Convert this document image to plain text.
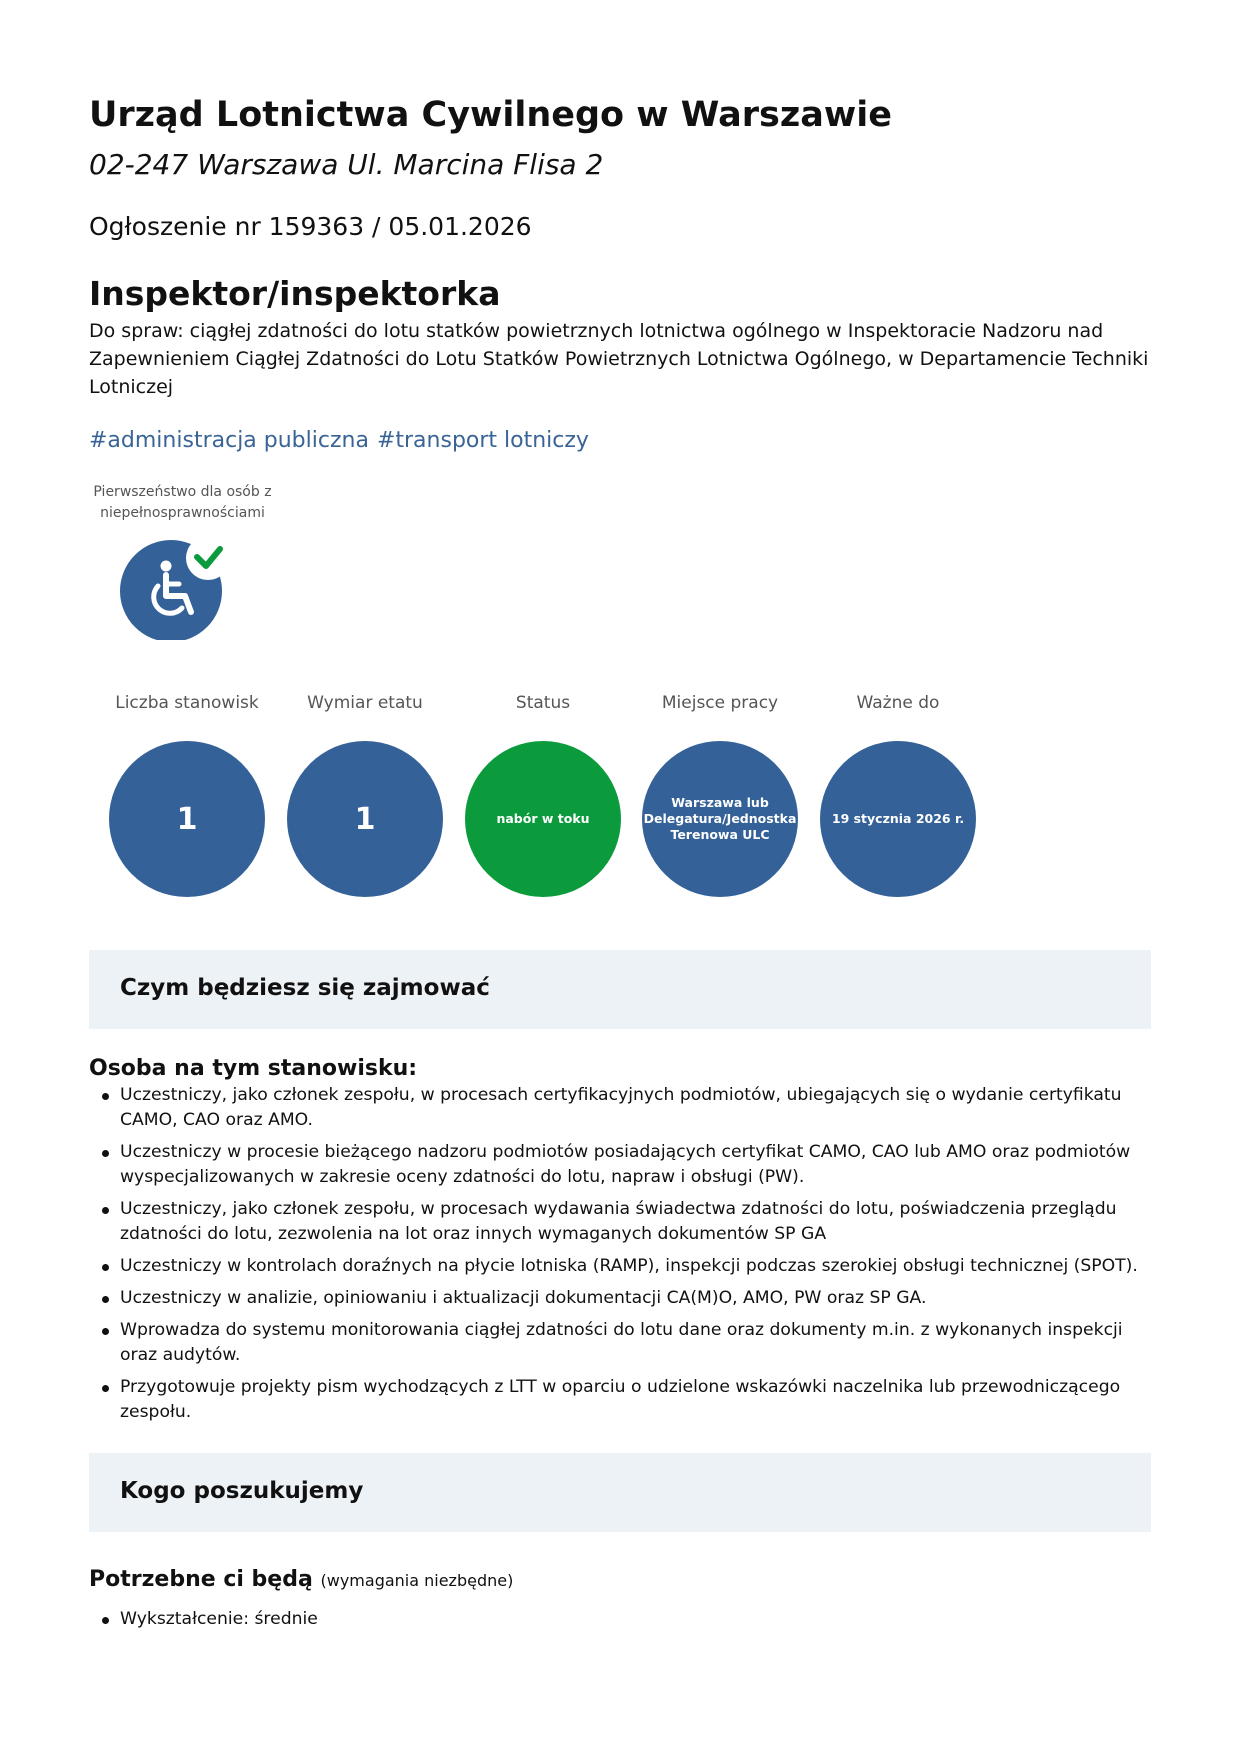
Urząd Lotnictwa Cywilnego w Warszawie
02-247 Warszawa Ul. Marcina Flisa 2
Ogłoszenie nr 159363 / 05.01.2026
Inspektor/inspektorka

Do spraw: ciągłej zdatności do lotu statków powietrznych lotnictwa ogólnego w Inspektoracie Nadzoru nad Zapewnieniem Ciągłej Zdatności do Lotu Statków Powietrznych Lotnictwa Ogólnego, w Departamencie Techniki Lotniczej

#administracja publiczna #transport lotniczy
Pierwszeństwo dla osób z niepełnosprawnościami
Liczba stanowisk
1
Wymiar etatu
1
Status
nabór w toku
Miejsce pracy
Warszawa lub Delegatura/Jednostka Terenowa ULC
Ważne do
19 stycznia 2026 r.
Czym będziesz się zajmować
Osoba na tym stanowisku:
Uczestniczy, jako członek zespołu, w procesach certyfikacyjnych podmiotów, ubiegających się o wydanie certyfikatu CAMO, CAO oraz AMO.
Uczestniczy w procesie bieżącego nadzoru podmiotów posiadających certyfikat CAMO, CAO lub AMO oraz podmiotów wyspecjalizowanych w zakresie oceny zdatności do lotu, napraw i obsługi (PW).
Uczestniczy, jako członek zespołu, w procesach wydawania świadectwa zdatności do lotu, poświadczenia przeglądu zdatności do lotu, zezwolenia na lot oraz innych wymaganych dokumentów SP GA
Uczestniczy w kontrolach doraźnych na płycie lotniska (RAMP), inspekcji podczas szerokiej obsługi technicznej (SPOT).
Uczestniczy w analizie, opiniowaniu i aktualizacji dokumentacji CA(M)O, AMO, PW oraz SP GA.
Wprowadza do systemu monitorowania ciągłej zdatności do lotu dane oraz dokumenty m.in. z wykonanych inspekcji oraz audytów.
Przygotowuje projekty pism wychodzących z LTT w oparciu o udzielone wskazówki naczelnika lub przewodniczącego zespołu.
Kogo poszukujemy
Potrzebne ci będą (wymagania niezbędne)
Wykształcenie: średnie
